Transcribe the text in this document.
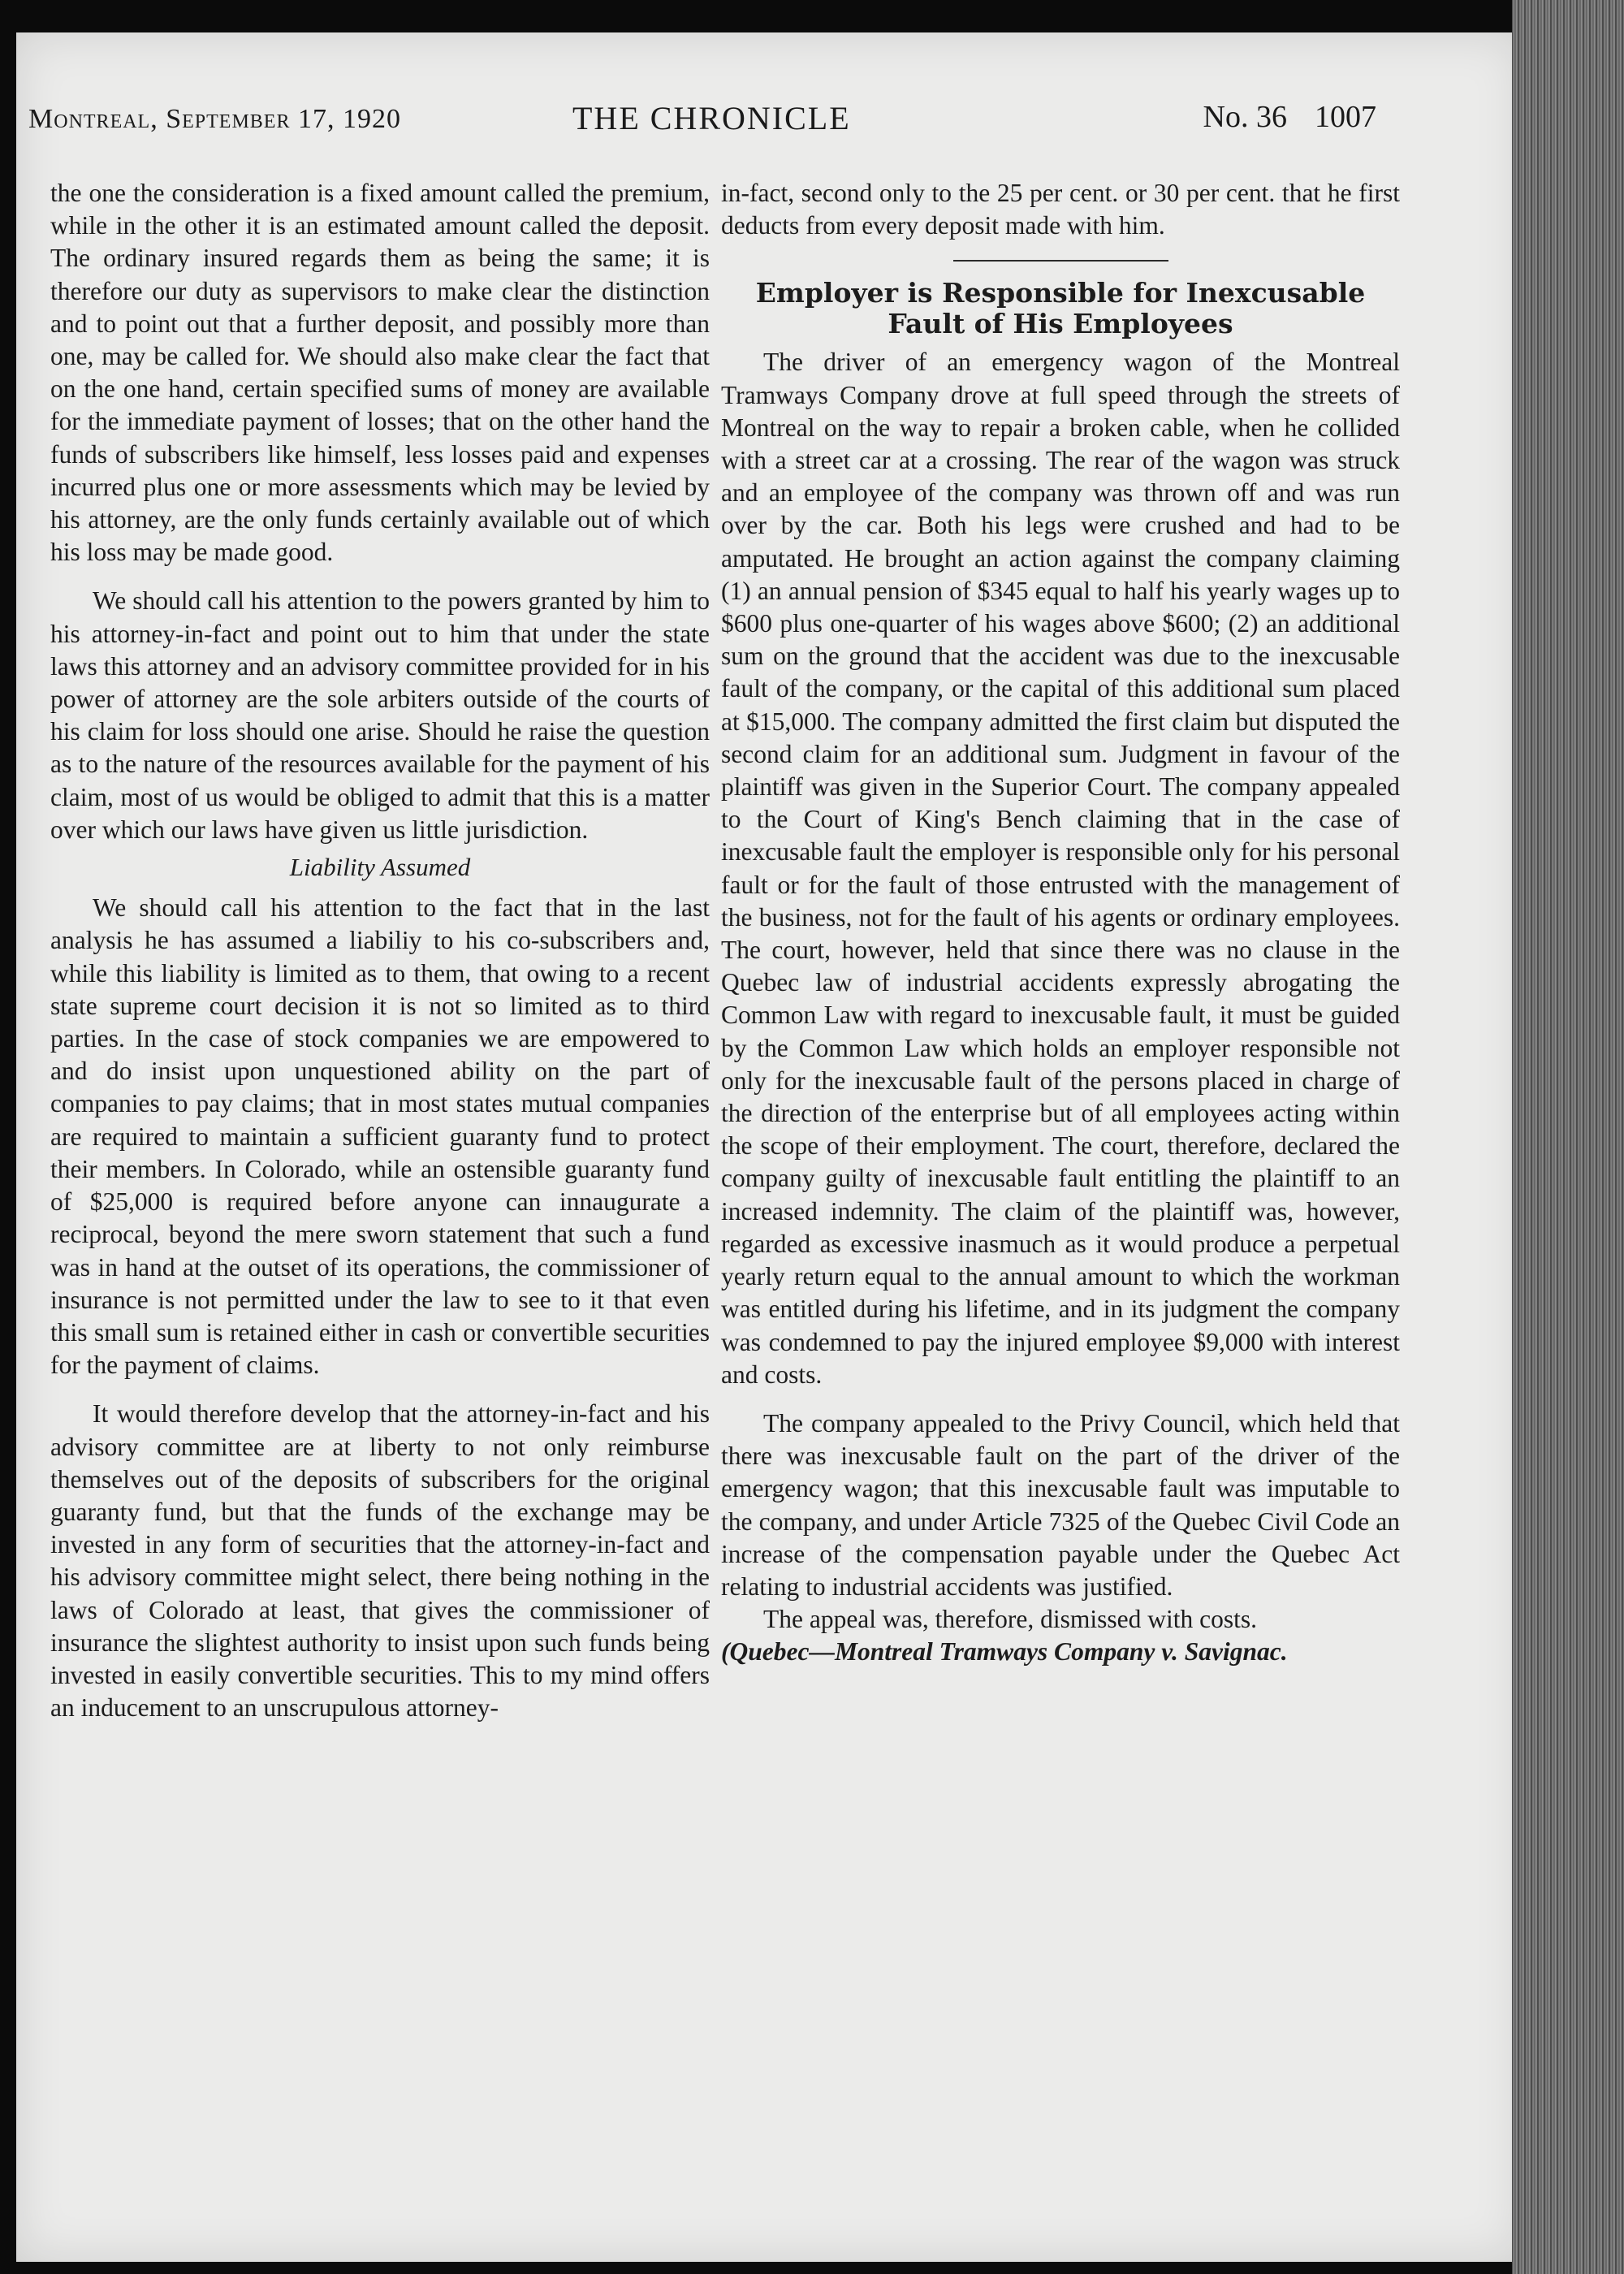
Montreal, September 17, 1920	THE CHRONICLE	No. 36 1007

the one the consideration is a fixed amount called the premium, while in the other it is an estimated amount called the deposit. The ordinary insured regards them as being the same; it is therefore our duty as supervisors to make clear the distinction and to point out that a further deposit, and possibly more than one, may be called for. We should also make clear the fact that on the one hand, certain specified sums of money are available for the immediate payment of losses; that on the other hand the funds of subscribers like himself, less losses paid and expenses incurred plus one or more assessments which may be levied by his attorney, are the only funds certainly available out of which his loss may be made good.

We should call his attention to the powers granted by him to his attorney-in-fact and point out to him that under the state laws this attorney and an advisory committee provided for in his power of attorney are the sole arbiters outside of the courts of his claim for loss should one arise. Should he raise the question as to the nature of the resources available for the payment of his claim, most of us would be obliged to admit that this is a matter over which our laws have given us little jurisdiction.

Liability Assumed

We should call his attention to the fact that in the last analysis he has assumed a liabiliy to his co-subscribers and, while this liability is limited as to them, that owing to a recent state supreme court decision it is not so limited as to third parties. In the case of stock companies we are empowered to and do insist upon unquestioned ability on the part of companies to pay claims; that in most states mutual companies are required to maintain a sufficient guaranty fund to protect their members. In Colorado, while an ostensible guaranty fund of $25,000 is required before anyone can innaugurate a reciprocal, beyond the mere sworn statement that such a fund was in hand at the outset of its operations, the commissioner of insurance is not permitted under the law to see to it that even this small sum is retained either in cash or convertible securities for the payment of claims.

It would therefore develop that the attorney-in-fact and his advisory committee are at liberty to not only reimburse themselves out of the deposits of subscribers for the original guaranty fund, but that the funds of the exchange may be invested in any form of securities that the attorney-in-fact and his advisory committee might select, there being nothing in the laws of Colorado at least, that gives the commissioner of insurance the slightest authority to insist upon such funds being invested in easily convertible securities. This to my mind offers an inducement to an unscrupulous attorney-

in-fact, second only to the 25 per cent. or 30 per cent. that he first deducts from every deposit made with him.

Employer is Responsible for Inexcusable
Fault of His Employees

The driver of an emergency wagon of the Montreal Tramways Company drove at full speed through the streets of Montreal on the way to repair a broken cable, when he collided with a street car at a crossing. The rear of the wagon was struck and an employee of the company was thrown off and was run over by the car. Both his legs were crushed and had to be amputated. He brought an action against the company claiming (1) an annual pension of $345 equal to half his yearly wages up to $600 plus one-quarter of his wages above $600; (2) an additional sum on the ground that the accident was due to the inexcusable fault of the company, or the capital of this additional sum placed at $15,000. The company admitted the first claim but disputed the second claim for an additional sum. Judgment in favour of the plaintiff was given in the Superior Court. The company appealed to the Court of King's Bench claiming that in the case of inexcusable fault the employer is responsible only for his personal fault or for the fault of those entrusted with the management of the business, not for the fault of his agents or ordinary employees. The court, however, held that since there was no clause in the Quebec law of industrial accidents expressly abrogating the Common Law with regard to inexcusable fault, it must be guided by the Common Law which holds an employer responsible not only for the inexcusable fault of the persons placed in charge of the direction of the enterprise but of all employees acting within the scope of their employment. The court, therefore, declared the company guilty of inexcusable fault entitling the plaintiff to an increased indemnity. The claim of the plaintiff was, however, regarded as excessive inasmuch as it would produce a perpetual yearly return equal to the annual amount to which the workman was entitled during his lifetime, and in its judgment the company was condemned to pay the injured employee $9,000 with interest and costs.

The company appealed to the Privy Council, which held that there was inexcusable fault on the part of the driver of the emergency wagon; that this inexcusable fault was imputable to the company, and under Article 7325 of the Quebec Civil Code an increase of the compensation payable under the Quebec Act relating to industrial accidents was justified.

The appeal was, therefore, dismissed with costs.

(Quebec—Montreal Tramways Company v. Savignac.
